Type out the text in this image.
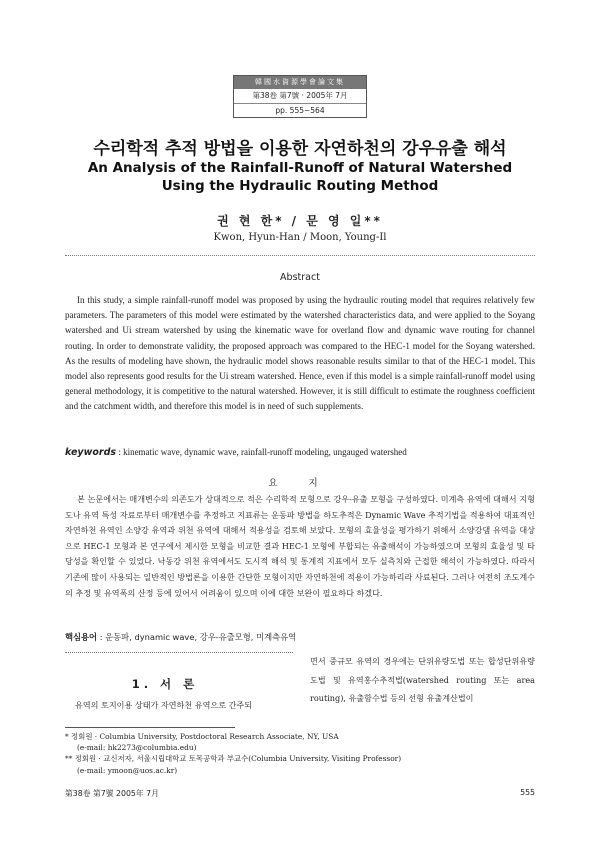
韓國水資源學會論文集
第38卷 第7號 · 2005年 7月
pp. 555~564
수리학적 추적 방법을 이용한 자연하천의 강우유출 해석
An Analysis of the Rainfall-Runoff of Natural Watershed
Using the Hydraulic Routing Method
권 현 한* / 문 영 일**
Kwon, Hyun-Han / Moon, Young-Il
Abstract
In this study, a simple rainfall-runoff model was proposed by using the hydraulic routing model that requires relatively few parameters. The parameters of this model were estimated by the watershed characteristics data, and were applied to the Soyang watershed and Ui stream watershed by using the kinematic wave for overland flow and dynamic wave routing for channel routing. In order to demonstrate validity, the proposed approach was compared to the HEC-1 model for the Soyang watershed. As the results of modeling have shown, the hydraulic model shows reasonable results similar to that of the HEC-1 model. This model also represents good results for the Ui stream watershed. Hence, even if this model is a simple rainfall-runoff model using general methodology, it is competitive to the natural watershed. However, it is still difficult to estimate the roughness coefficient and the catchment width, and therefore this model is in need of such supplements.
keywords : kinematic wave, dynamic wave, rainfall-runoff modeling, ungauged watershed
요 지
본 논문에서는 매개변수의 의존도가 상대적으로 적은 수리학적 모형으로 강우-유출 모형을 구성하였다. 미계측 유역에 대해서 지형도나 유역 특성 자료로부터 매개변수를 추정하고 지표류는 운동파 방법을 하도추적은 Dynamic Wave 추적기법을 적용하여 대표적인 자연하천 유역인 소양강 유역과 위천 유역에 대해서 적용성을 검토해 보았다. 모형의 효율성을 평가하기 위해서 소양강댐 유역을 대상으로 HEC-1 모형과 본 연구에서 제시한 모형을 비교한 결과 HEC-1 모형에 부합되는 유출해석이 가능하였으며 모형의 효율성 및 타당성을 확인할 수 있었다. 낙동강 위천 유역에서도 도시적 해석 및 통계적 지표에서 모두 실측치와 근접한 해석이 가능하였다. 따라서 기존에 많이 사용되는 일반적인 방법론을 이용한 간단한 모형이지만 자연하천에 적용이 가능하리라 사료된다. 그러나 여전히 조도계수의 추정 및 유역폭의 산정 등에 있어서 어려움이 있으며 이에 대한 보완이 필요하다 하겠다.
핵심용어 : 운동파, dynamic wave, 강우-유출모형, 미계측유역
1. 서 론
유역의 토지이용 상태가 자연하천 유역으로 간주되
면서 중규모 유역의 경우에는 단위유량도법 또는 합성단위유량도법 및 유역홍수추적법(watershed routing 또는 area routing), 유출함수법 등의 선형 유출계산법이
* 정회원 · Columbia University, Postdoctoral Research Associate, NY, USA
(e-mail: hk2273@columbia.edu)
** 정회원 · 교신저자, 서울시립대학교 토목공학과 부교수(Columbia University, Visiting Professor)
(e-mail: ymoon@uos.ac.kr)
第38卷 第7號 2005年 7月	555
